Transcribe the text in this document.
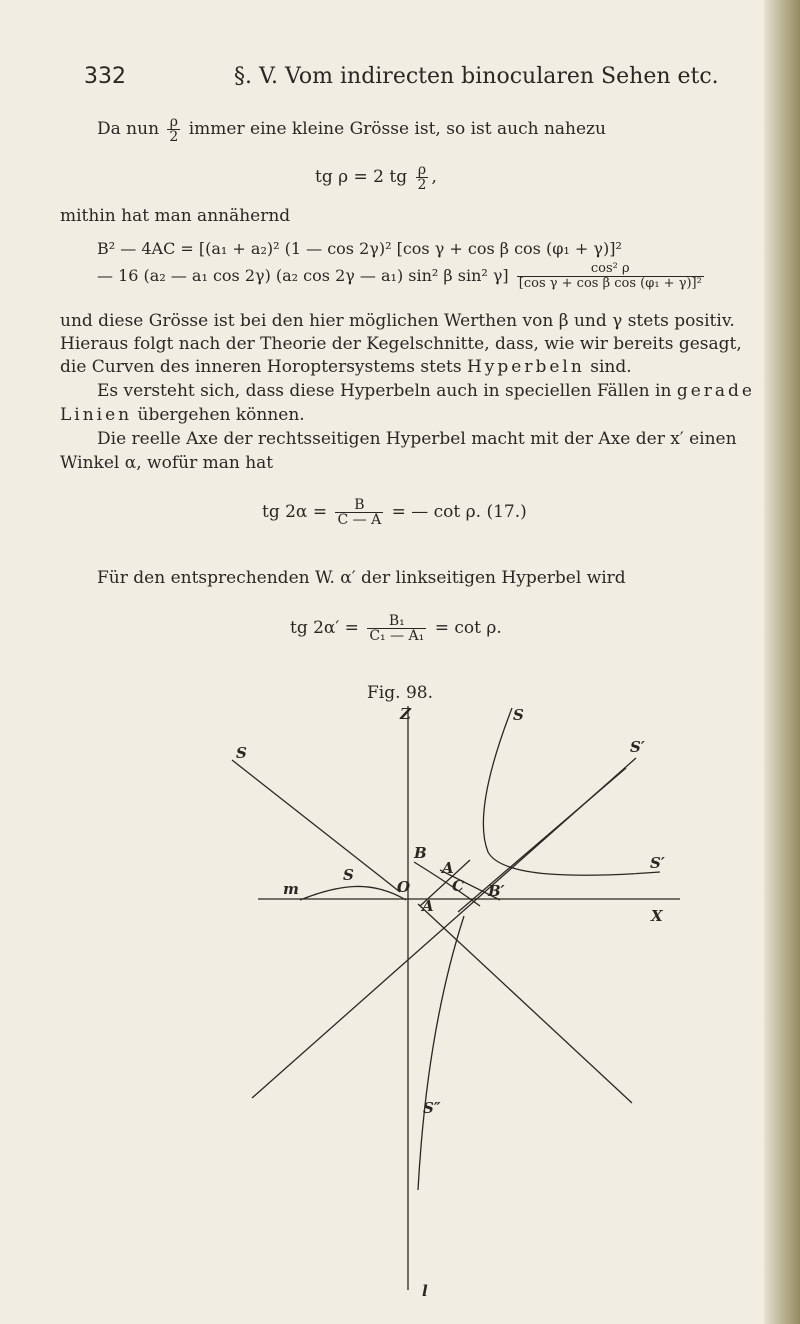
332	§. V. Vom indirecten binocularen Sehen etc.
Da nun $\frac{\rho}{2}$ immer eine kleine Grösse ist, so ist auch nahezu
tg ρ = 2 tg $\frac{\rho}{2}$ ,
mithin hat man annähernd
B² — 4AC = [(a₁ + a₂)² (1 — cos 2γ)² [cos γ + cos β cos (φ₁ + γ)]²
— 16 (a₂ — a₁ cos 2γ) (a₂ cos 2γ — a₁) sin² β sin² $\gamma] \frac{\text{cos² ρ}}{\text{[cos γ + cos β cos (φ₁ + γ)]²}}$
und diese Grösse ist bei den hier möglichen Werthen von β und γ stets positiv.
Hieraus folgt nach der Theorie der Kegelschnitte, dass, wie wir bereits gesagt,
die Curven des inneren Horoptersystems stets Hyperbeln sind.
Es versteht sich, dass diese Hyperbeln auch in speciellen Fällen in gerade
Linien übergehen können.
Die reelle Axe der rechtsseitigen Hyperbel macht mit der Axe der x′ einen
Winkel α, wofür man hat
tg $2\alpha = \frac{B}{C — A}$ = — cot ρ. (17.)
Für den entsprechenden W. α′ der linkseitigen Hyperbel wird
tg $2\alpha' = \frac{\text{B₁}}{\text{C₁ — A₁}} = \cot \rho$.
Fig. 98.
Z	S
S	S′
S
S′
m	O
B
A
C B′
A
X
S″
l
